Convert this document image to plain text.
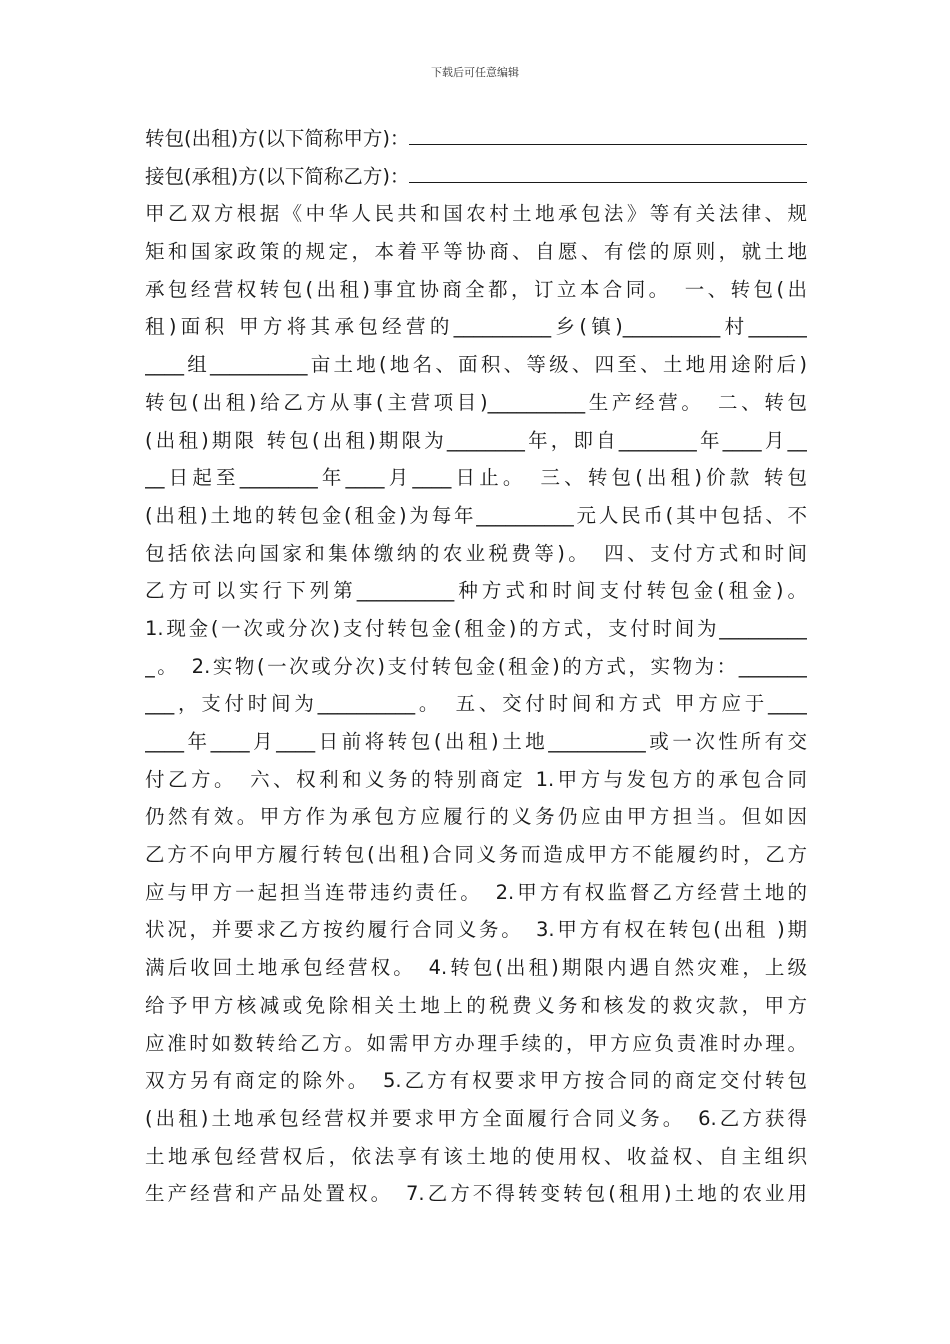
下载后可任意编辑
转包(出租)方(以下简称甲方)：
接包(承租)方(以下简称乙方)：
甲乙双方根据《中华人民共和国农村土地承包法》等有关法律、规
矩和国家政策的规定，本着平等协商、自愿、有偿的原则，就土地
承包经营权转包(出租)事宜协商全都，订立本合同。　一、转包(出
租)面积 甲方将其承包经营的__________乡(镇)__________村______
____组__________亩土地(地名、面积、等级、四至、土地用途附后)
转包(出租)给乙方从事(主营项目)__________生产经营。　二、转包
(出租)期限 转包(出租)期限为________年，即自________年____月__
__日起至________年____月____日止。　三、转包(出租)价款 转包
(出租)土地的转包金(租金)为每年__________元人民币(其中包括、不
包括依法向国家和集体缴纳的农业税费等)。　四、支付方式和时间
乙方可以实行下列第__________种方式和时间支付转包金(租金)。
1.现金(一次或分次)支付转包金(租金)的方式，支付时间为_________
_。　2.实物(一次或分次)支付转包金(租金)的方式，实物为：_______
___，支付时间为__________。　五、交付时间和方式 甲方应于____
____年____月____日前将转包(出租)土地__________或一次性所有交
付乙方。　六、权利和义务的特别商定 1.甲方与发包方的承包合同
仍然有效。甲方作为承包方应履行的义务仍应由甲方担当。但如因
乙方不向甲方履行转包(出租)合同义务而造成甲方不能履约时，乙方
应与甲方一起担当连带违约责任。　2.甲方有权监督乙方经营土地的
状况，并要求乙方按约履行合同义务。　3.甲方有权在转包(出租 )期
满后收回土地承包经营权。　4.转包(出租)期限内遇自然灾难，上级
给予甲方核减或免除相关土地上的税费义务和核发的救灾款，甲方
应准时如数转给乙方。如需甲方办理手续的，甲方应负责准时办理。
双方另有商定的除外。　5.乙方有权要求甲方按合同的商定交付转包
(出租)土地承包经营权并要求甲方全面履行合同义务。　6.乙方获得
土地承包经营权后，依法享有该土地的使用权、收益权、自主组织
生产经营和产品处置权。　7.乙方不得转变转包(租用)土地的农业用
